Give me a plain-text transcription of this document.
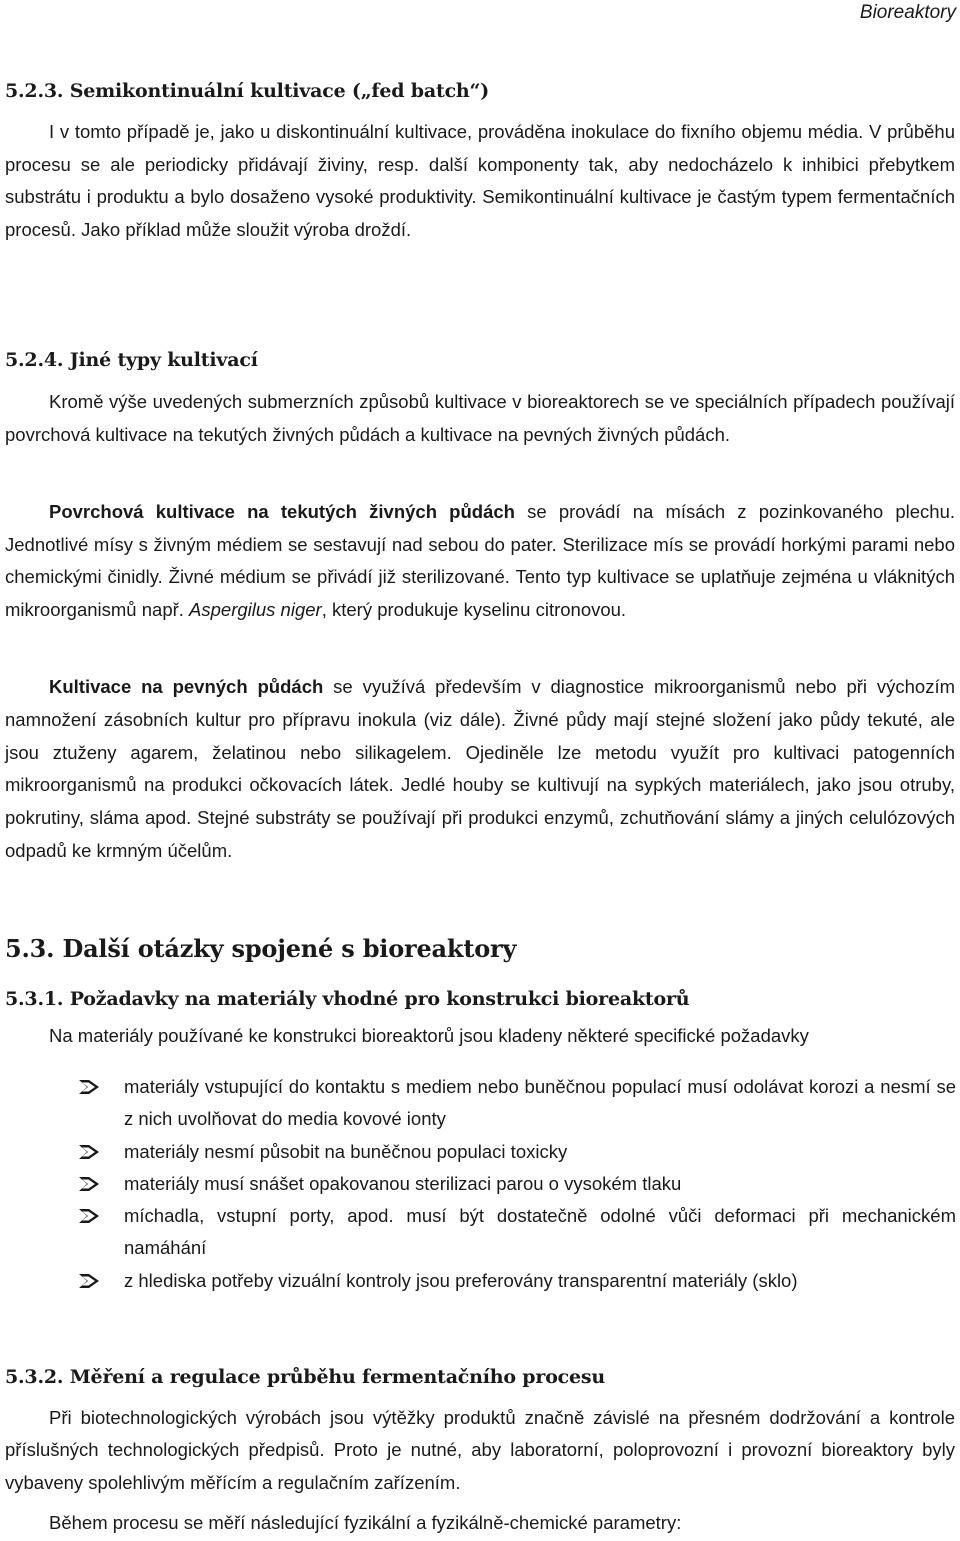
Bioreaktory
5.2.3. Semikontinuální kultivace („fed batch“)

I v tomto případě je, jako u diskontinuální kultivace, prováděna inokulace do fixního objemu média. V průběhu procesu se ale periodicky přidávají živiny, resp. další komponenty tak, aby nedocházelo k inhibici přebytkem substrátu i produktu a bylo dosaženo vysoké produktivity. Semikontinuální kultivace je častým typem fermentačních procesů. Jako příklad může sloužit výroba droždí.

5.2.4. Jiné typy kultivací

Kromě výše uvedených submerzních způsobů kultivace v bioreaktorech se ve speciálních případech používají povrchová kultivace na tekutých živných půdách a kultivace na pevných živných půdách.

Povrchová kultivace na tekutých živných půdách se provádí na mísách z pozinkovaného plechu. Jednotlivé mísy s živným médiem se sestavují nad sebou do pater. Sterilizace mís se provádí horkými parami nebo chemickými činidly. Živné médium se přivádí již sterilizované. Tento typ kultivace se uplatňuje zejména u vláknitých mikroorganismů např. Aspergilus niger, který produkuje kyselinu citronovou.

Kultivace na pevných půdách se využívá především v diagnostice mikroorganismů nebo při výchozím namnožení zásobních kultur pro přípravu inokula (viz dále). Živné půdy mají stejné složení jako půdy tekuté, ale jsou ztuženy agarem, želatinou nebo silikagelem. Ojediněle lze metodu využít pro kultivaci patogenních mikroorganismů na produkci očkovacích látek. Jedlé houby se kultivují na sypkých materiálech, jako jsou otruby, pokrutiny, sláma apod. Stejné substráty se používají při produkci enzymů, zchutňování slámy a jiných celulózových odpadů ke krmným účelům.

5.3. Další otázky spojené s bioreaktory
5.3.1. Požadavky na materiály vhodné pro konstrukci bioreaktorů

Na materiály používané ke konstrukci bioreaktorů jsou kladeny některé specifické požadavky

materiály vstupující do kontaktu s mediem nebo buněčnou populací musí odolávat korozi a nesmí se z nich uvolňovat do media kovové ionty
materiály nesmí působit na buněčnou populaci toxicky
materiály musí snášet opakovanou sterilizaci parou o vysokém tlaku
míchadla, vstupní porty, apod. musí být dostatečně odolné vůči deformaci při mechanickém namáhání
z hlediska potřeby vizuální kontroly jsou preferovány transparentní materiály (sklo)
5.3.2. Měření a regulace průběhu fermentačního procesu

Při biotechnologických výrobách jsou výtěžky produktů značně závislé na přesném dodržování a kontrole příslušných technologických předpisů. Proto je nutné, aby laboratorní, poloprovozní i provozní bioreaktory byly vybaveny spolehlivým měřícím a regulačním zařízením.

Během procesu se měří následující fyzikální a fyzikálně-chemické parametry:
